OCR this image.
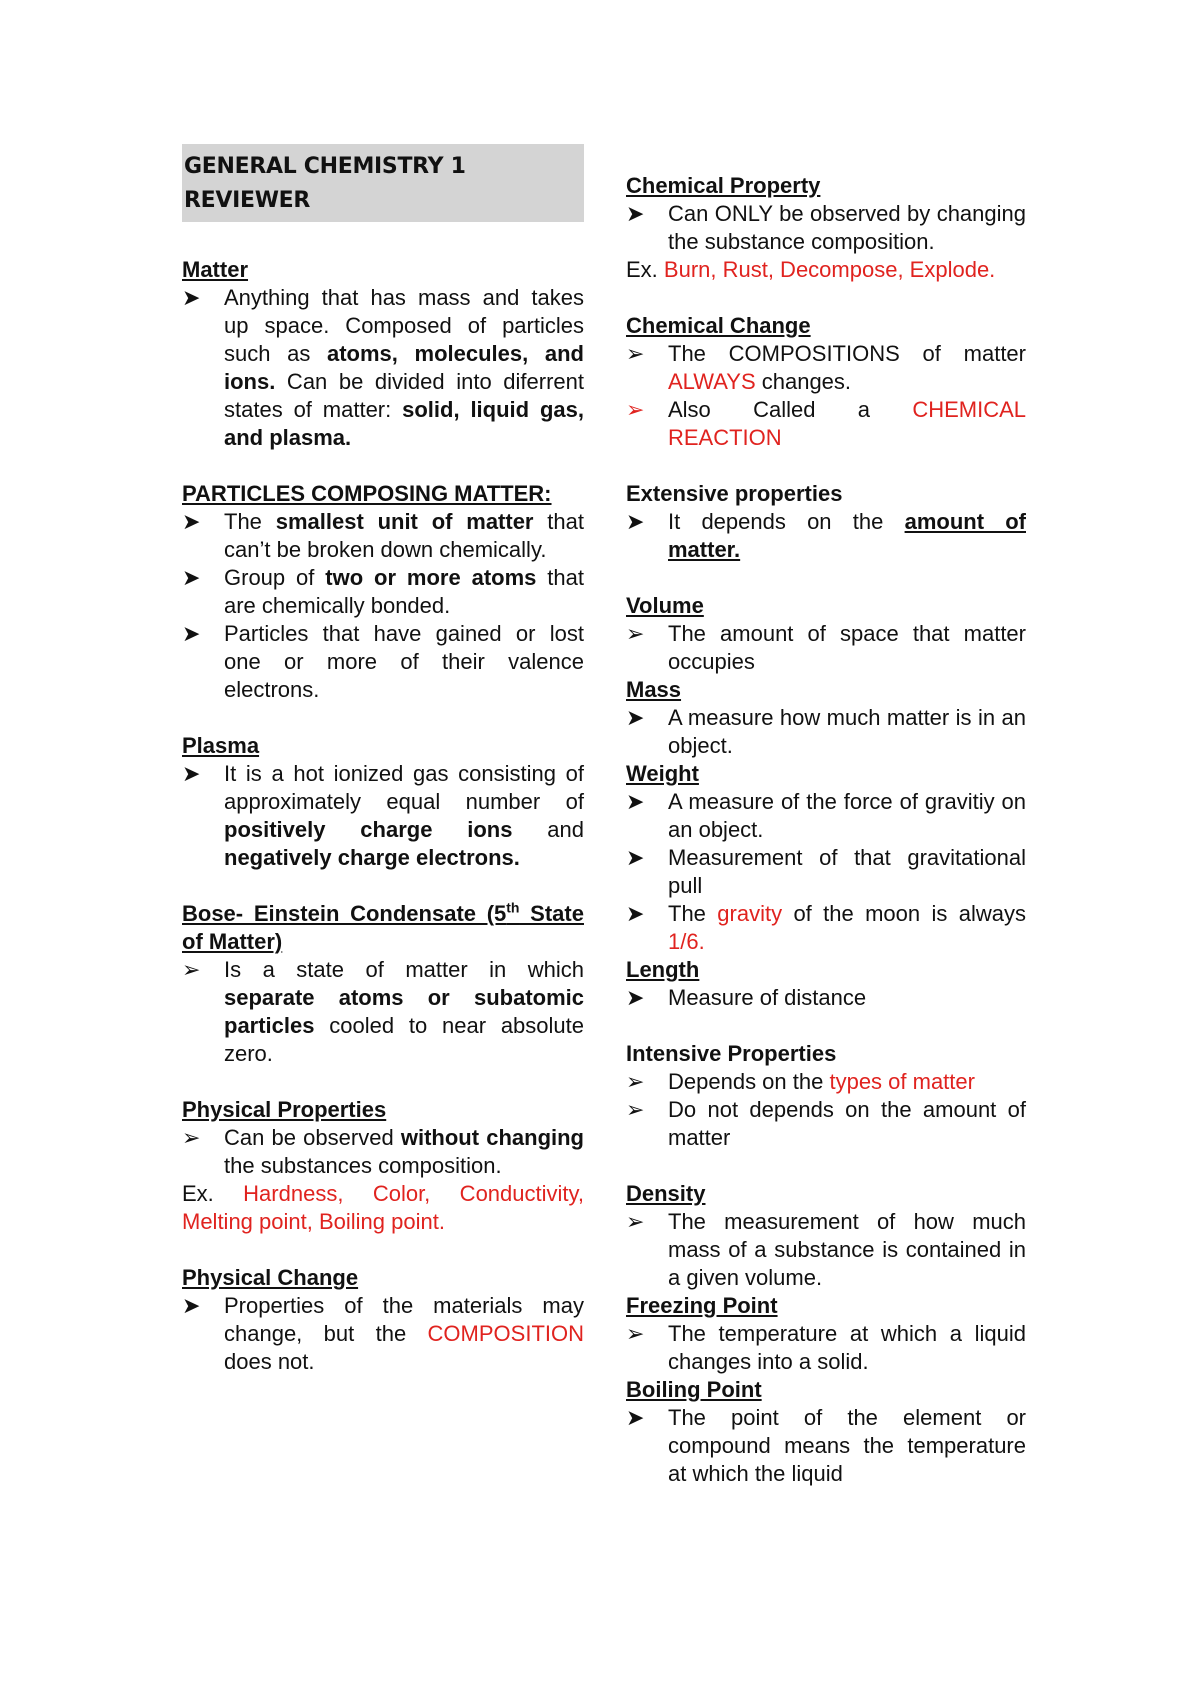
GENERAL CHEMISTRY 1 REVIEWER
Matter
➤ Anything that has mass and takes up space. Composed of particles such as atoms, molecules, and ions. Can be divided into diferrent states of matter: solid, liquid gas, and plasma.
PARTICLES COMPOSING MATTER:
➤ The smallest unit of matter that can’t be broken down chemically.
➤ Group of two or more atoms that are chemically bonded.
➤ Particles that have gained or lost one or more of their valence electrons.
Plasma
➤ It is a hot ionized gas consisting of approximately equal number of positively charge ions and negatively charge electrons.
Bose- Einstein Condensate (5th State of Matter)
➢ Is a state of matter in which separate atoms or subatomic particles cooled to near absolute zero.
Physical Properties
➢ Can be observed without changing the substances composition.
Ex. Hardness, Color, Conductivity, Melting point, Boiling point.
Physical Change
➤ Properties of the materials may change, but the COMPOSITION does not.
Chemical Property
➤ Can ONLY be observed by changing the substance composition.
Ex. Burn, Rust, Decompose, Explode.
Chemical Change
➢ The COMPOSITIONS of matter ALWAYS changes.
➢ Also Called a CHEMICAL REACTION
Extensive properties
➤ It depends on the amount of matter.
Volume
➢ The amount of space that matter occupies
Mass
➤ A measure how much matter is in an object.
Weight
➤ A measure of the force of gravitiy on an object.
➤ Measurement of that gravitational pull
➤ The gravity of the moon is always 1/6.
Length
➤ Measure of distance
Intensive Properties
➢ Depends on the types of matter
➢ Do not depends on the amount of matter
Density
➢ The measurement of how much mass of a substance is contained in a given volume.
Freezing Point
➢ The temperature at which a liquid changes into a solid.
Boiling Point
➤ The point of the element or compound means the temperature at which the liquid
